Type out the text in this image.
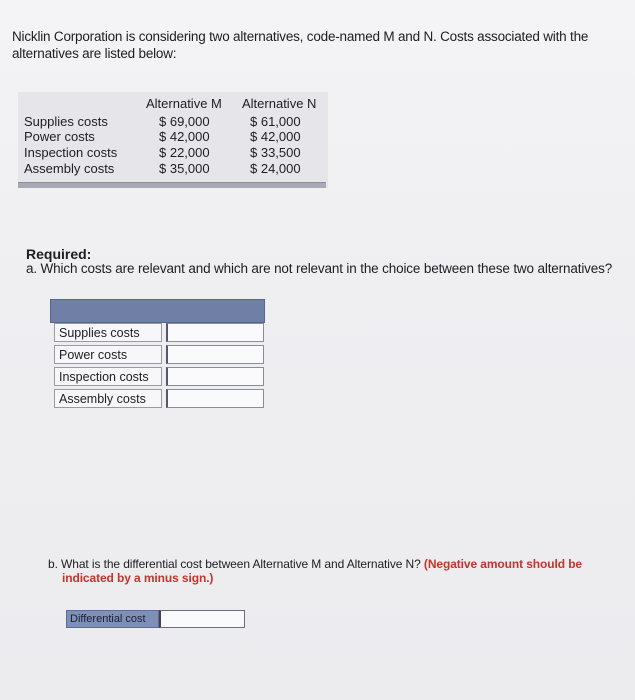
Nicklin Corporation is considering two alternatives, code-named M and N. Costs associated with the
alternatives are listed below:
Alternative M Alternative N
Supplies costs	$ 69,000	$ 61,000
Power costs	$ 42,000	$ 42,000
Inspection costs	$ 22,000	$ 33,500
Assembly costs	$ 35,000	$ 24,000
Required:
a. Which costs are relevant and which are not relevant in the choice between these two alternatives?
Supplies costs
Power costs
Inspection costs
Assembly costs
b. What is the differential cost between Alternative M and Alternative N? (Negative amount should be
indicated by a minus sign.)
Differential cost
